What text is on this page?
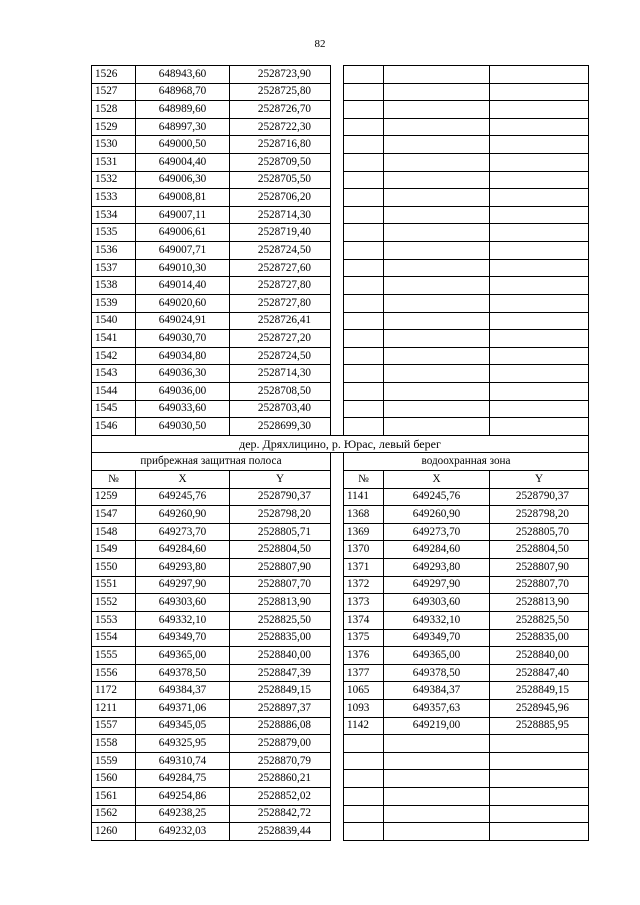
82
1526	648943,60	2528723,90				
1527	648968,70	2528725,80				
1528	648989,60	2528726,70				
1529	648997,30	2528722,30				
1530	649000,50	2528716,80				
1531	649004,40	2528709,50				
1532	649006,30	2528705,50				
1533	649008,81	2528706,20				
1534	649007,11	2528714,30				
1535	649006,61	2528719,40				
1536	649007,71	2528724,50				
1537	649010,30	2528727,60				
1538	649014,40	2528727,80				
1539	649020,60	2528727,80				
1540	649024,91	2528726,41				
1541	649030,70	2528727,20				
1542	649034,80	2528724,50				
1543	649036,30	2528714,30				
1544	649036,00	2528708,50				
1545	649033,60	2528703,40				
1546	649030,50	2528699,30				
дер. Дряхлицино, р. Юрас, левый берег						
прибрежная защитная полоса				водоохранная зона		
№	X	Y		№	X	Y
1259	649245,76	2528790,37		1141	649245,76	2528790,37
1547	649260,90	2528798,20		1368	649260,90	2528798,20
1548	649273,70	2528805,71		1369	649273,70	2528805,70
1549	649284,60	2528804,50		1370	649284,60	2528804,50
1550	649293,80	2528807,90		1371	649293,80	2528807,90
1551	649297,90	2528807,70		1372	649297,90	2528807,70
1552	649303,60	2528813,90		1373	649303,60	2528813,90
1553	649332,10	2528825,50		1374	649332,10	2528825,50
1554	649349,70	2528835,00		1375	649349,70	2528835,00
1555	649365,00	2528840,00		1376	649365,00	2528840,00
1556	649378,50	2528847,39		1377	649378,50	2528847,40
1172	649384,37	2528849,15		1065	649384,37	2528849,15
1211	649371,06	2528897,37		1093	649357,63	2528945,96
1557	649345,05	2528886,08		1142	649219,00	2528885,95
1558	649325,95	2528879,00				
1559	649310,74	2528870,79				
1560	649284,75	2528860,21				
1561	649254,86	2528852,02				
1562	649238,25	2528842,72				
1260	649232,03	2528839,44				
